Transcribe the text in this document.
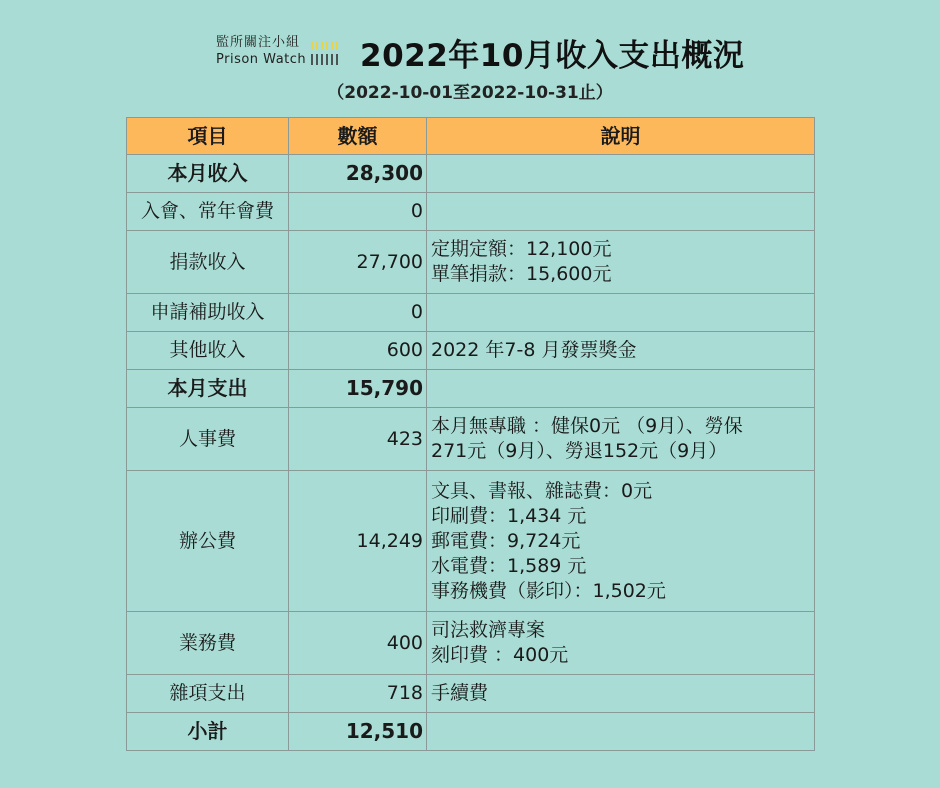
監所關注小組
Prison Watch 2022年10月收入支出概況
（2022-10-01至2022-10-31止）
項目	數額	說明
本月收入	28,300	
入會、常年會費	0	
捐款收入	27,700	定期定額：12,100元
單筆捐款：15,600元

申請補助收入	0	
其他收入	600	2022 年7-8 月發票獎金

本月支出	15,790	
人事費	423	本月無專職 ：健保0元 （9月）、勞保
271元（9月）、勞退152元（9月）

辦公費	14,249	文具、書報、雜誌費：0元
印刷費：1,434 元
郵電費：9,724元
水電費：1,589 元
事務機費（影印）：1,502元

業務費	400	司法救濟專案
刻印費 ：400元

雜項支出	718	手續費

小計	12,510	
